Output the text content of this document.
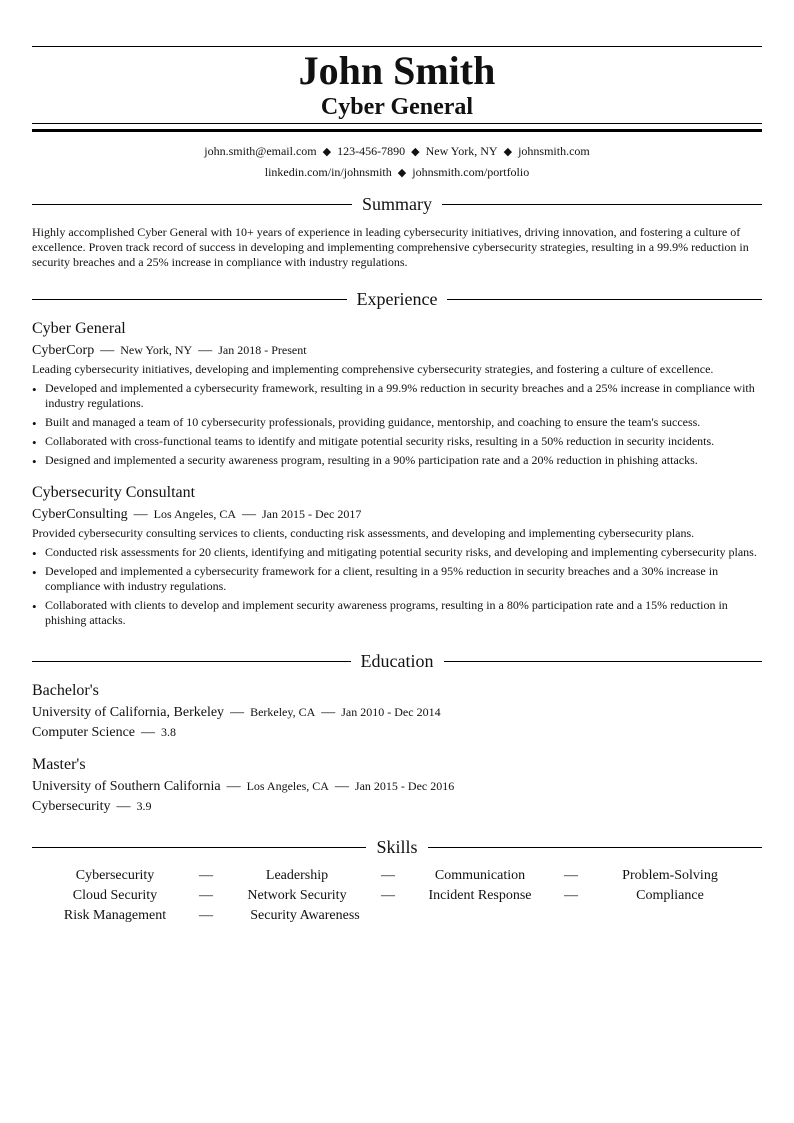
John Smith
Cyber General
john.smith@email.com ◆ 123-456-7890 ◆ New York, NY ◆ johnsmith.com
linkedin.com/in/johnsmith ◆ johnsmith.com/portfolio
Summary
Highly accomplished Cyber General with 10+ years of experience in leading cybersecurity initiatives, driving innovation, and fostering a culture of excellence. Proven track record of success in developing and implementing comprehensive cybersecurity strategies, resulting in a 99.9% reduction in security breaches and a 25% increase in compliance with industry regulations.
Experience
Cyber General
CyberCorp — New York, NY — Jan 2018 - Present
Leading cybersecurity initiatives, developing and implementing comprehensive cybersecurity strategies, and fostering a culture of excellence.
• Developed and implemented a cybersecurity framework, resulting in a 99.9% reduction in security breaches and a 25% increase in compliance with industry regulations.
• Built and managed a team of 10 cybersecurity professionals, providing guidance, mentorship, and coaching to ensure the team's success.
• Collaborated with cross-functional teams to identify and mitigate potential security risks, resulting in a 50% reduction in security incidents.
• Designed and implemented a security awareness program, resulting in a 90% participation rate and a 20% reduction in phishing attacks.
Cybersecurity Consultant
CyberConsulting — Los Angeles, CA — Jan 2015 - Dec 2017
Provided cybersecurity consulting services to clients, conducting risk assessments, and developing and implementing cybersecurity plans.
• Conducted risk assessments for 20 clients, identifying and mitigating potential security risks, and developing and implementing cybersecurity plans.
• Developed and implemented a cybersecurity framework for a client, resulting in a 95% reduction in security breaches and a 30% increase in compliance with industry regulations.
• Collaborated with clients to develop and implement security awareness programs, resulting in a 80% participation rate and a 15% reduction in phishing attacks.
Education
Bachelor's
University of California, Berkeley — Berkeley, CA — Jan 2010 - Dec 2014
Computer Science — 3.8
Master's
University of Southern California — Los Angeles, CA — Jan 2015 - Dec 2016
Cybersecurity — 3.9
Skills
Cybersecurity	—	Leadership	—	Communication	—	Problem-Solving
Cloud Security	—	Network Security	—	Incident Response	—	Compliance
Risk Management	—	Security Awareness
